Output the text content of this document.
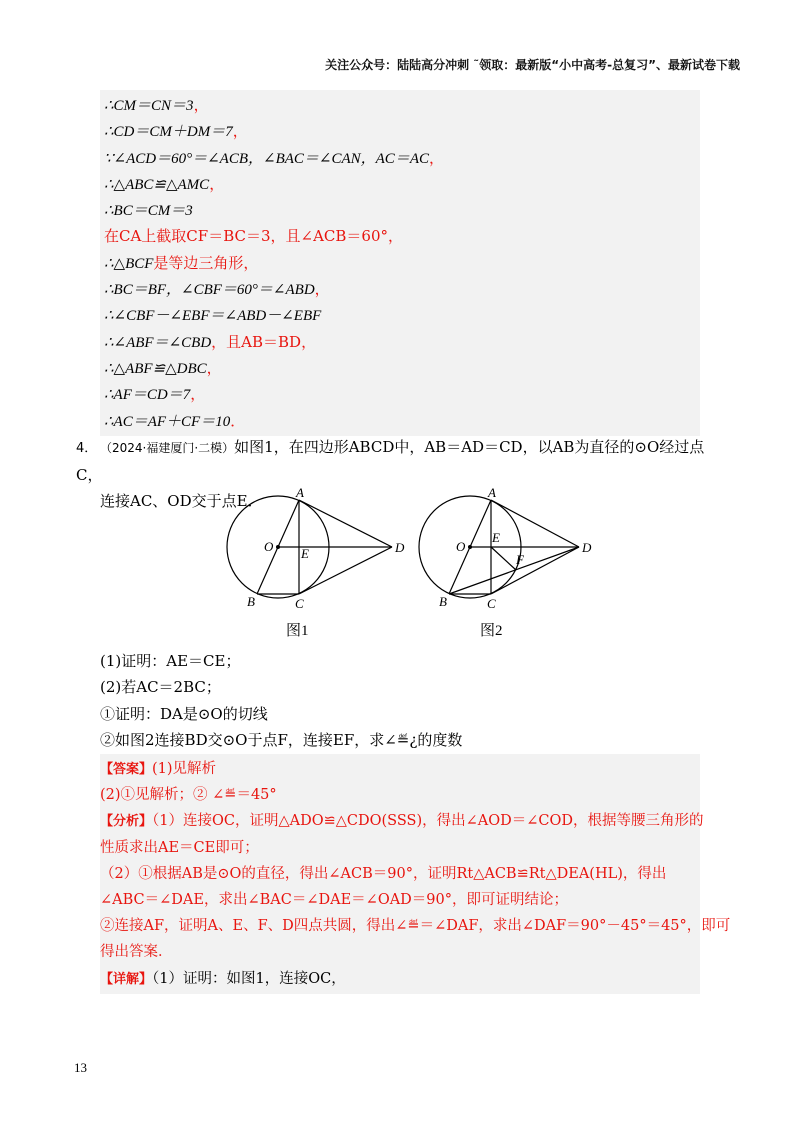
关注公众号：陆陆高分冲刺 ˜领取：最新版“小中高考-总复习”、最新试卷下载
∴CM＝CN＝3，
∴CD＝CM＋DM＝7，
∵∠ACD＝60°＝∠ACB，∠BAC＝∠CAN，AC＝AC，
∴△ABC≌△AMC，
∴BC＝CM＝3
在CA上截取CF＝BC＝3，且∠ACB＝60°，
∴△BCF是等边三角形，
∴BC＝BF，∠CBF＝60°＝∠ABD，
∴∠CBF－∠EBF＝∠ABD－∠EBF
∴∠ABF＝∠CBD，且AB＝BD，
∴△ABF≌△DBC，
∴AF＝CD＝7，
∴AC＝AF＋CF＝10．
4． （2024·福建厦门·二模）如图1，在四边形ABCD中，AB＝AD＝CD，以AB为直径的⊙O经过点C，
连接AC、OD交于点E．	A
B	C
D
O E
图1
A
B	C
D
O
E
F
图2
(1)证明：AE＝CE；
(2)若AC＝2BC；
①证明：DA是⊙O的切线
②如图2连接BD交⊙O于点F，连接EF，求∠≝¿的度数
【答案】(1)见解析
(2)①见解析；② ∠≝＝45°
【分析】（1）连接OC，证明△ADO≌△CDO(SSS)，得出∠AOD＝∠COD，根据等腰三角形的
性质求出AE＝CE即可；
（2）①根据AB是⊙O的直径，得出∠ACB＝90°，证明Rt△ACB≌Rt△DEA(HL)，得出
∠ABC＝∠DAE，求出∠BAC＝∠DAE＝∠OAD＝90°，即可证明结论；
②连接AF，证明A、E、F、D四点共圆，得出∠≝＝∠DAF，求出∠DAF＝90°－45°＝45°，即可
得出答案．
【详解】（1）证明：如图1，连接OC，
13
